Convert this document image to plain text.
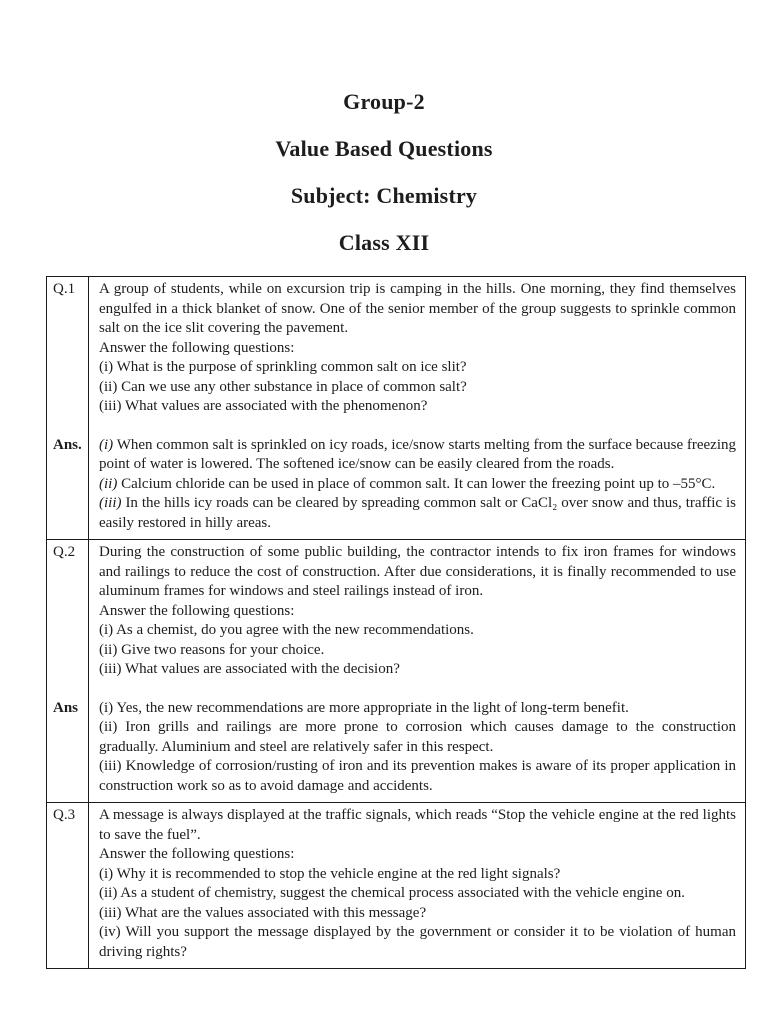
Group-2
Value Based Questions
Subject: Chemistry
Class XII
Q.1	A group of students, while on excursion trip is camping in the hills. One morning, they find themselves engulfed in a thick blanket of snow. One of the senior member of the group suggests to sprinkle common salt on the ice slit covering the pavement.

Answer the following questions:

(i) What is the purpose of sprinkling common salt on ice slit?

(ii) Can we use any other substance in place of common salt?

(iii) What values are associated with the phenomenon?

Ans.	(i) When common salt is sprinkled on icy roads, ice/snow starts melting from the surface because freezing point of water is lowered. The softened ice/snow can be easily cleared from the roads.

(ii) Calcium chloride can be used in place of common salt. It can lower the freezing point up to –55°C.

(iii) In the hills icy roads can be cleared by spreading common salt or CaCl₂ over snow and thus, traffic is easily restored in hilly areas.

Q.2	During the construction of some public building, the contractor intends to fix iron frames for windows and railings to reduce the cost of construction. After due considerations, it is finally recommended to use aluminum frames for windows and steel railings instead of iron.

Answer the following questions:

(i) As a chemist, do you agree with the new recommendations.

(ii) Give two reasons for your choice.

(iii) What values are associated with the decision?

Ans	(i) Yes, the new recommendations are more appropriate in the light of long-term benefit.

(ii) Iron grills and railings are more prone to corrosion which causes damage to the construction gradually. Aluminium and steel are relatively safer in this respect.

(iii) Knowledge of corrosion/rusting of iron and its prevention makes is aware of its proper application in construction work so as to avoid damage and accidents.

Q.3	A message is always displayed at the traffic signals, which reads “Stop the vehicle engine at the red lights to save the fuel”.

Answer the following questions:

(i) Why it is recommended to stop the vehicle engine at the red light signals?

(ii) As a student of chemistry, suggest the chemical process associated with the vehicle engine on.

(iii) What are the values associated with this message?

(iv) Will you support the message displayed by the government or consider it to be violation of human driving rights?
